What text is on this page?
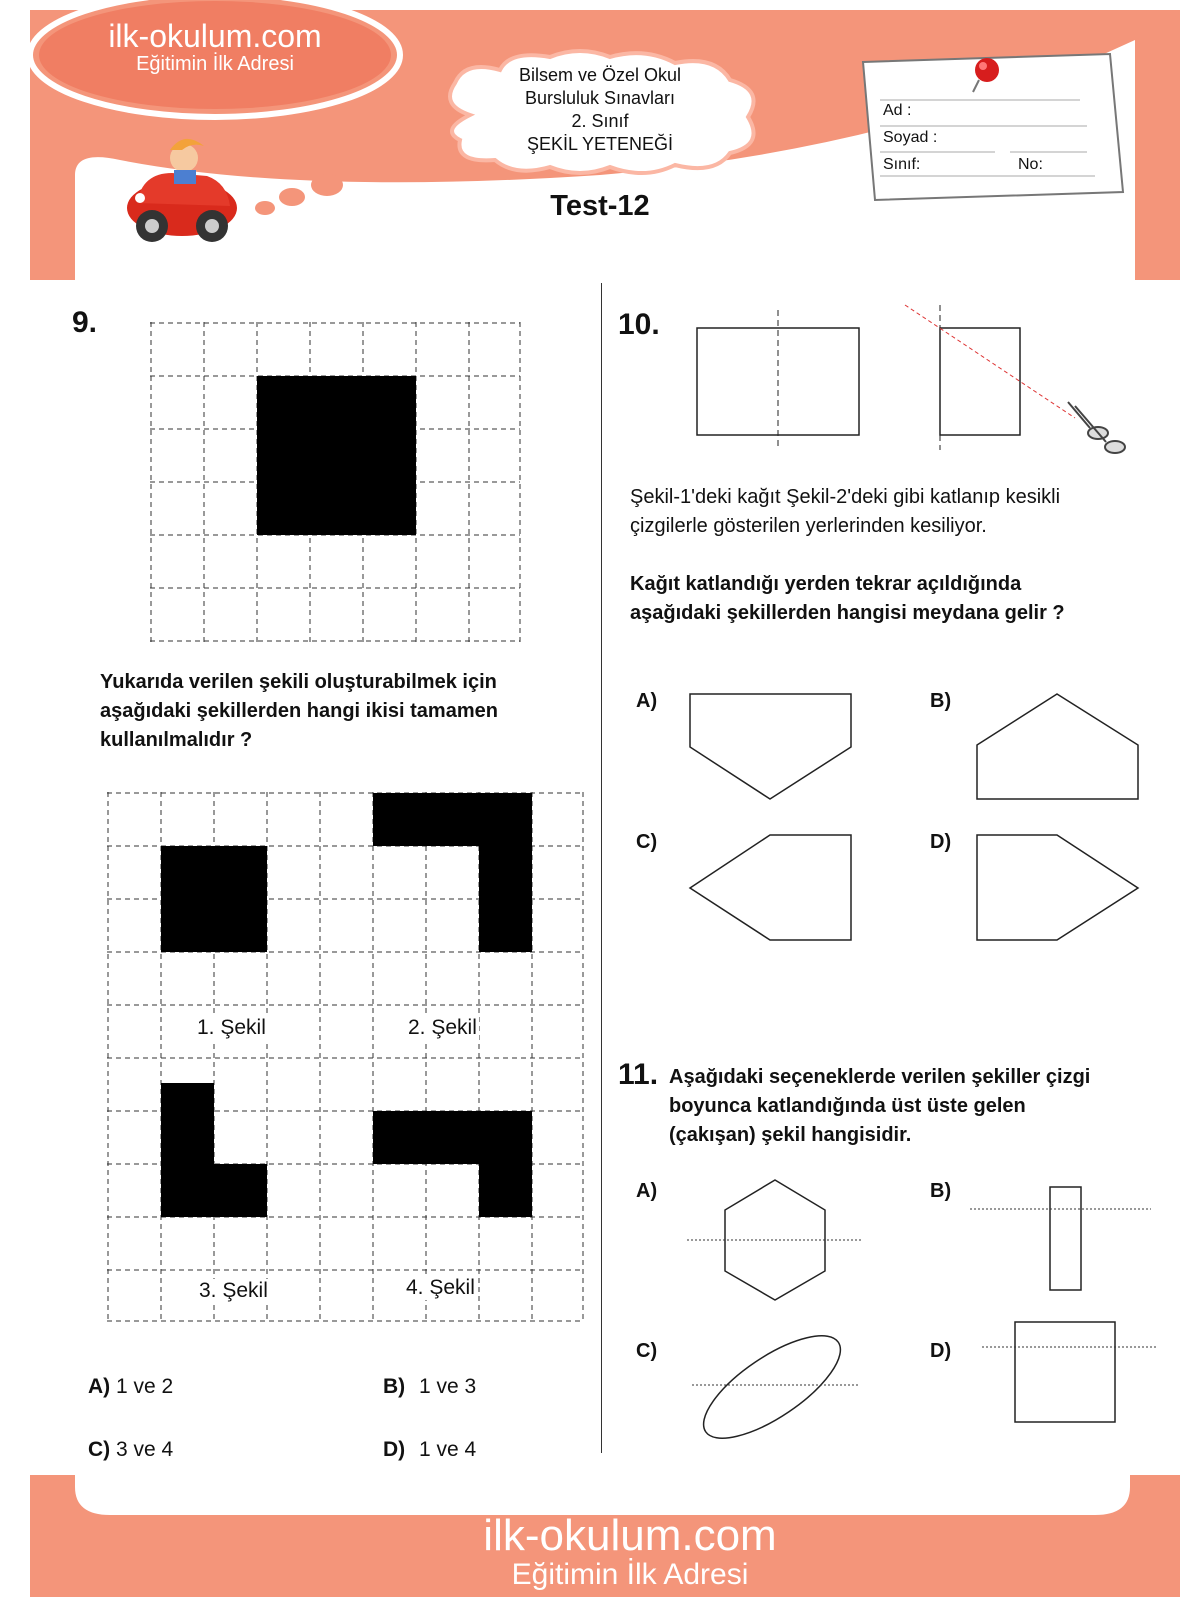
ilk-okulum.com
Eğitimin İlk Adresi	Bilsem ve Özel Okul
Bursluluk Sınavları
2. Sınıf
ŞEKİL YETENEĞİ
Test-12
Ad :
Soyad :
Sınıf:	No:
9.
Yukarıda verilen şekili oluşturabilmek için aşağıdaki şekillerden hangi ikisi tamamen kullanılmalıdır ?
1. Şekil	2. Şekil
3. Şekil	4. Şekil
A) 1 ve 2	B) 1 ve 3
C) 3 ve 4	D) 1 ve 4
10.
Şekil-1'deki kağıt Şekil-2'deki gibi katlanıp kesikli çizgilerle gösterilen yerlerinden kesiliyor.
Kağıt katlandığı yerden tekrar açıldığında aşağıdaki şekillerden hangisi meydana gelir ?
A)	B)
C)	D)
11. Aşağıdaki seçeneklerde verilen şekiller çizgi boyunca katlandığında üst üste gelen (çakışan) şekil hangisidir.
A)	B)
C)	D)
ilk-okulum.com
Eğitimin İlk Adresi
